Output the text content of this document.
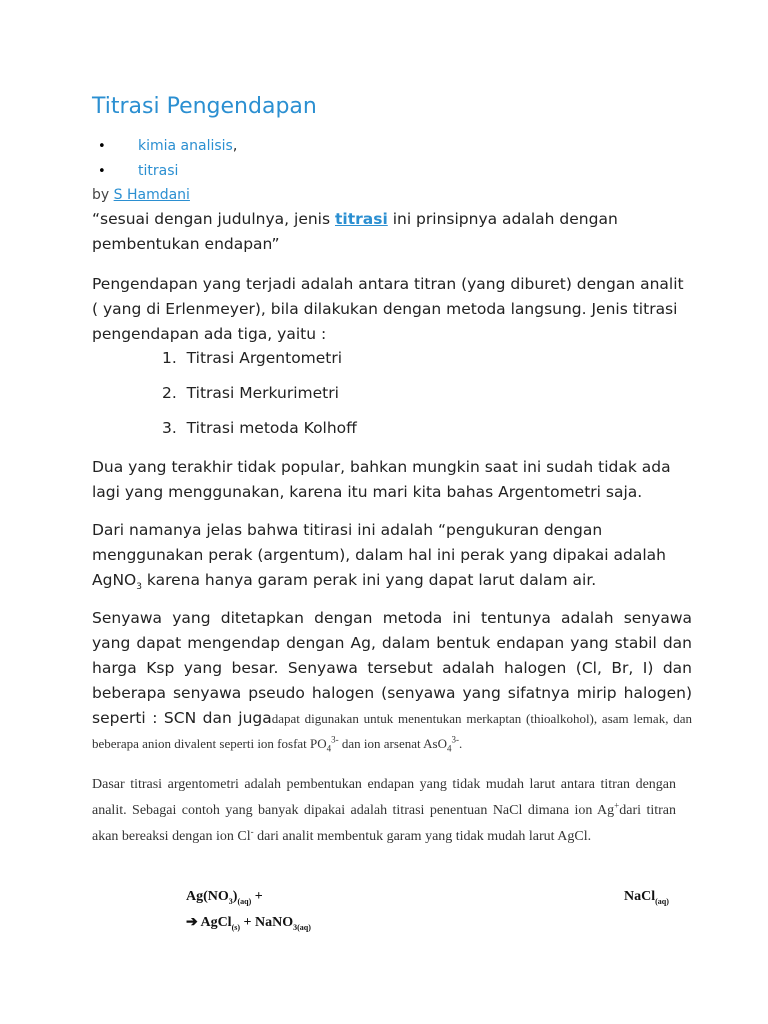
Titrasi Pengendapan
• kimia analisis,
• titrasi
by S Hamdani

“sesuai dengan judulnya, jenis titrasi ini prinsipnya adalah dengan pembentukan endapan”

Pengendapan yang terjadi adalah antara titran (yang diburet) dengan analit ( yang di Erlenmeyer), bila dilakukan dengan metoda langsung. Jenis titrasi pengendapan ada tiga, yaitu :

1. Titrasi Argentometri
2. Titrasi Merkurimetri
3. Titrasi metoda Kolhoff

Dua yang terakhir tidak popular, bahkan mungkin saat ini sudah tidak ada lagi yang menggunakan, karena itu mari kita bahas Argentometri saja.

Dari namanya jelas bahwa titirasi ini adalah “pengukuran dengan menggunakan perak (argentum), dalam hal ini perak yang dipakai adalah AgNO$_3$ karena hanya garam perak ini yang dapat larut dalam air.

Senyawa yang ditetapkan dengan metoda ini tentunya adalah senyawa yang dapat mengendap dengan Ag, dalam bentuk endapan yang stabil dan harga Ksp yang besar. Senyawa tersebut adalah halogen (Cl, Br, I) dan beberapa senyawa pseudo halogen (senyawa yang sifatnya mirip halogen) seperti : SCN dan jugadapat digunakan untuk menentukan merkaptan (thioalkohol), asam lemak, dan beberapa anion divalent seperti ion fosfat $PO_4^{3-}$ dan ion arsenat AsO$_4^{3-}$.

Dasar titrasi argentometri adalah pembentukan endapan yang tidak mudah larut antara titran dengan analit. Sebagai contoh yang banyak dipakai adalah titrasi penentuan NaCl dimana ion Ag+dari titran akan bereaksi dengan ion Cl- dari analit membentuk garam yang tidak mudah larut AgCl.

$Ag(NO_3)_{(aq)}$ +	NaCl$_{(aq)}$
➔ AgCl$_{(s)}$ + NaNO$_{3(aq)}$
